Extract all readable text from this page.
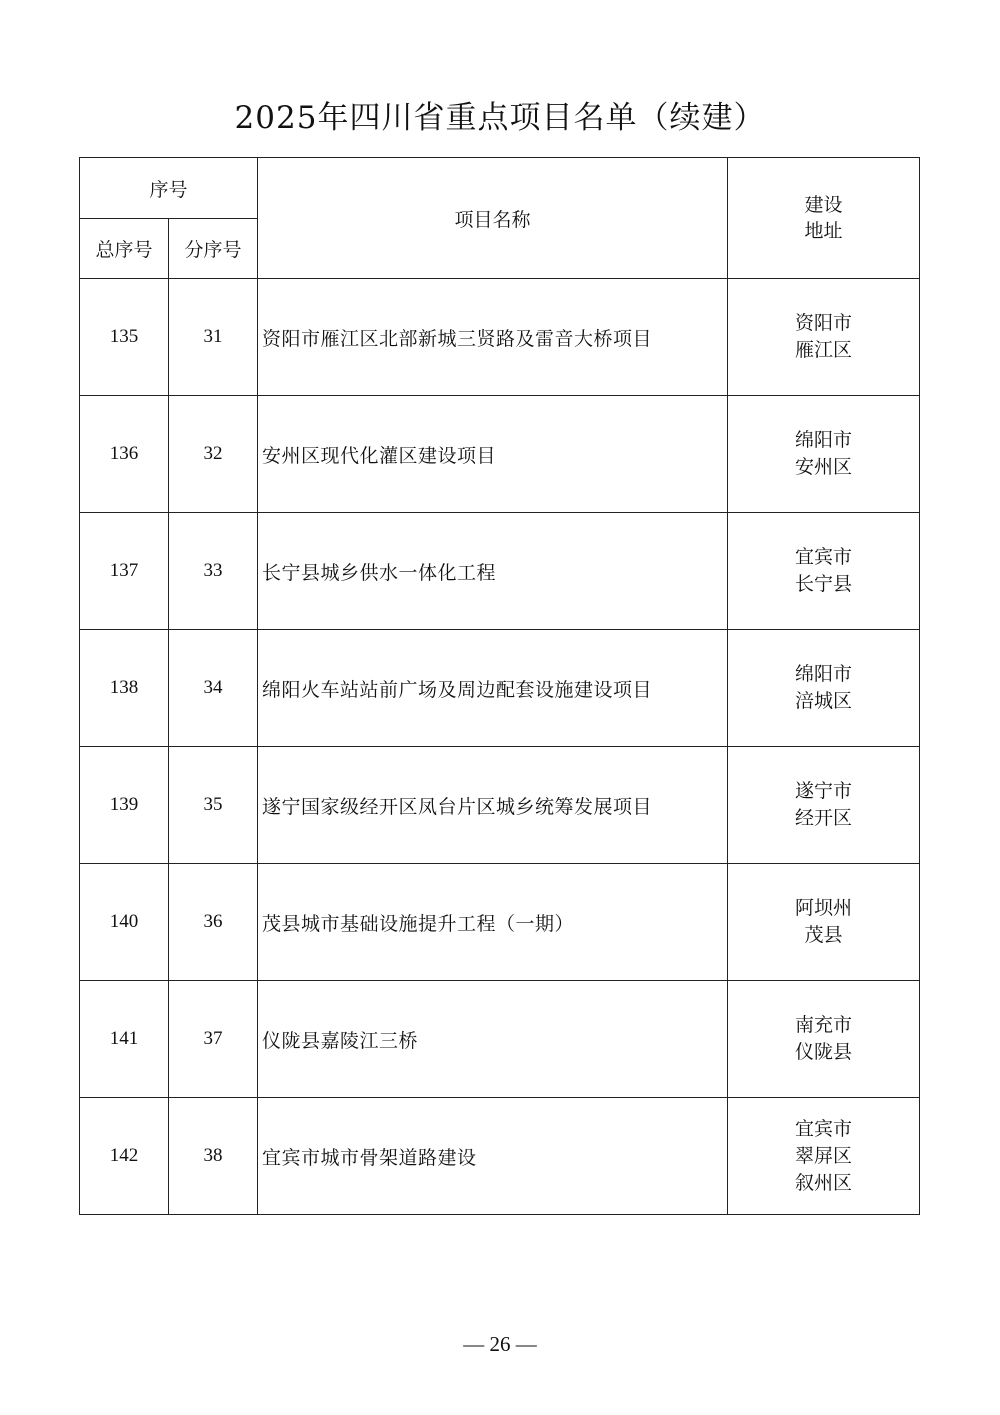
2025年四川省重点项目名单（续建）
序号		项目名称	建设
地址

总序号	分序号		
135	31	资阳市雁江区北部新城三贤路及雷音大桥项目	资阳市
雁江区

136	32	安州区现代化灌区建设项目	绵阳市
安州区

137	33	长宁县城乡供水一体化工程	宜宾市
长宁县

138	34	绵阳火车站站前广场及周边配套设施建设项目	绵阳市
涪城区

139	35	遂宁国家级经开区凤台片区城乡统筹发展项目	遂宁市
经开区

140	36	茂县城市基础设施提升工程（一期）	阿坝州
茂县

141	37	仪陇县嘉陵江三桥	南充市
仪陇县

142	38	宜宾市城市骨架道路建设	宜宾市
翠屏区
叙州区
— 26 —
